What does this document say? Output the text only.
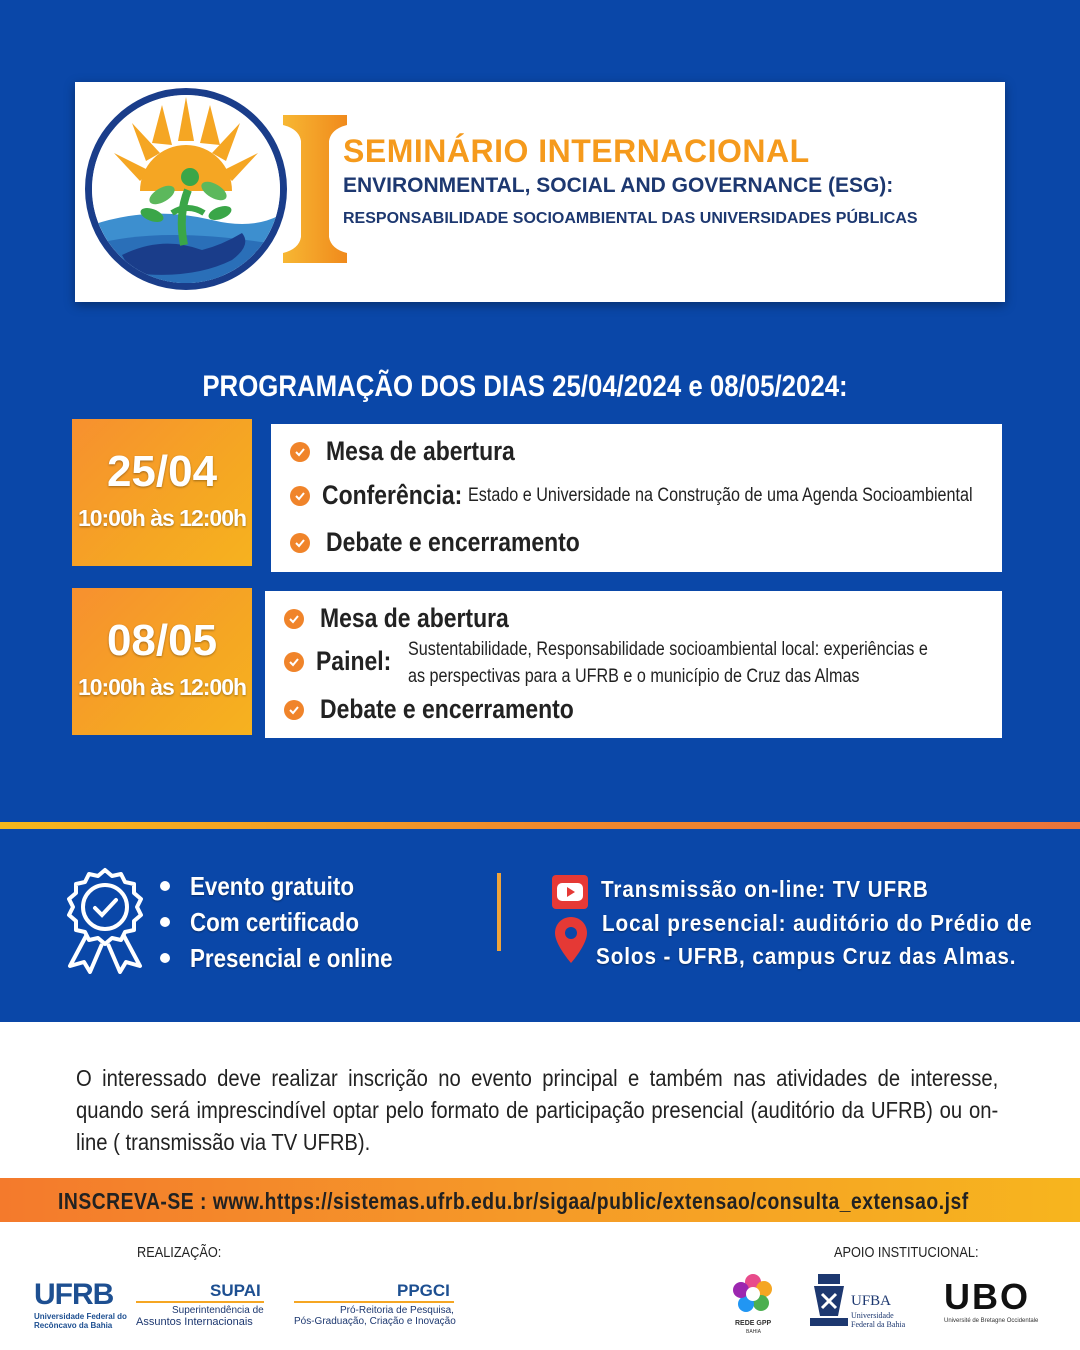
SEMINÁRIO INTERNACIONAL
ENVIRONMENTAL, SOCIAL AND GOVERNANCE (ESG):
RESPONSABILIDADE SOCIOAMBIENTAL DAS UNIVERSIDADES PÚBLICAS
PROGRAMAÇÃO DOS DIAS 25/04/2024 e 08/05/2024:
25/04
10:00h às 12:00h
Mesa de abertura
Conferência: Estado e Universidade na Construção de uma Agenda Socioambiental
Debate e encerramento
08/05
10:00h às 12:00h
Mesa de abertura
Painel: Sustentabilidade, Responsabilidade socioambiental local: experiências e
as perspectivas para a UFRB e o município de Cruz das Almas
Debate e encerramento
Evento gratuito
Com certificado
Presencial e online
Transmissão on-line: TV UFRB
Local presencial: auditório do Prédio de
Solos - UFRB, campus Cruz das Almas.
O interessado deve realizar inscrição no evento principal e também nas atividades de interesse, quando será imprescindível optar pelo formato de participação presencial (auditório da UFRB) ou on-line ( transmissão via TV UFRB).
INSCREVA-SE : www.https://sistemas.ufrb.edu.br/sigaa/public/extensao/consulta_extensao.jsf
REALIZAÇÃO:	APOIO INSTITUCIONAL:
UFRB
Universidade Federal do
Recôncavo da Bahia
SUPAI
Superintendência de
Assuntos Internacionais
PPGCI
Pró-Reitoria de Pesquisa,
Pós-Graduação, Criação e Inovação	REDE GPP
BAHIA
UFBA
Universidade
Federal da Bahia
UBO
Université de Bretagne Occidentale
